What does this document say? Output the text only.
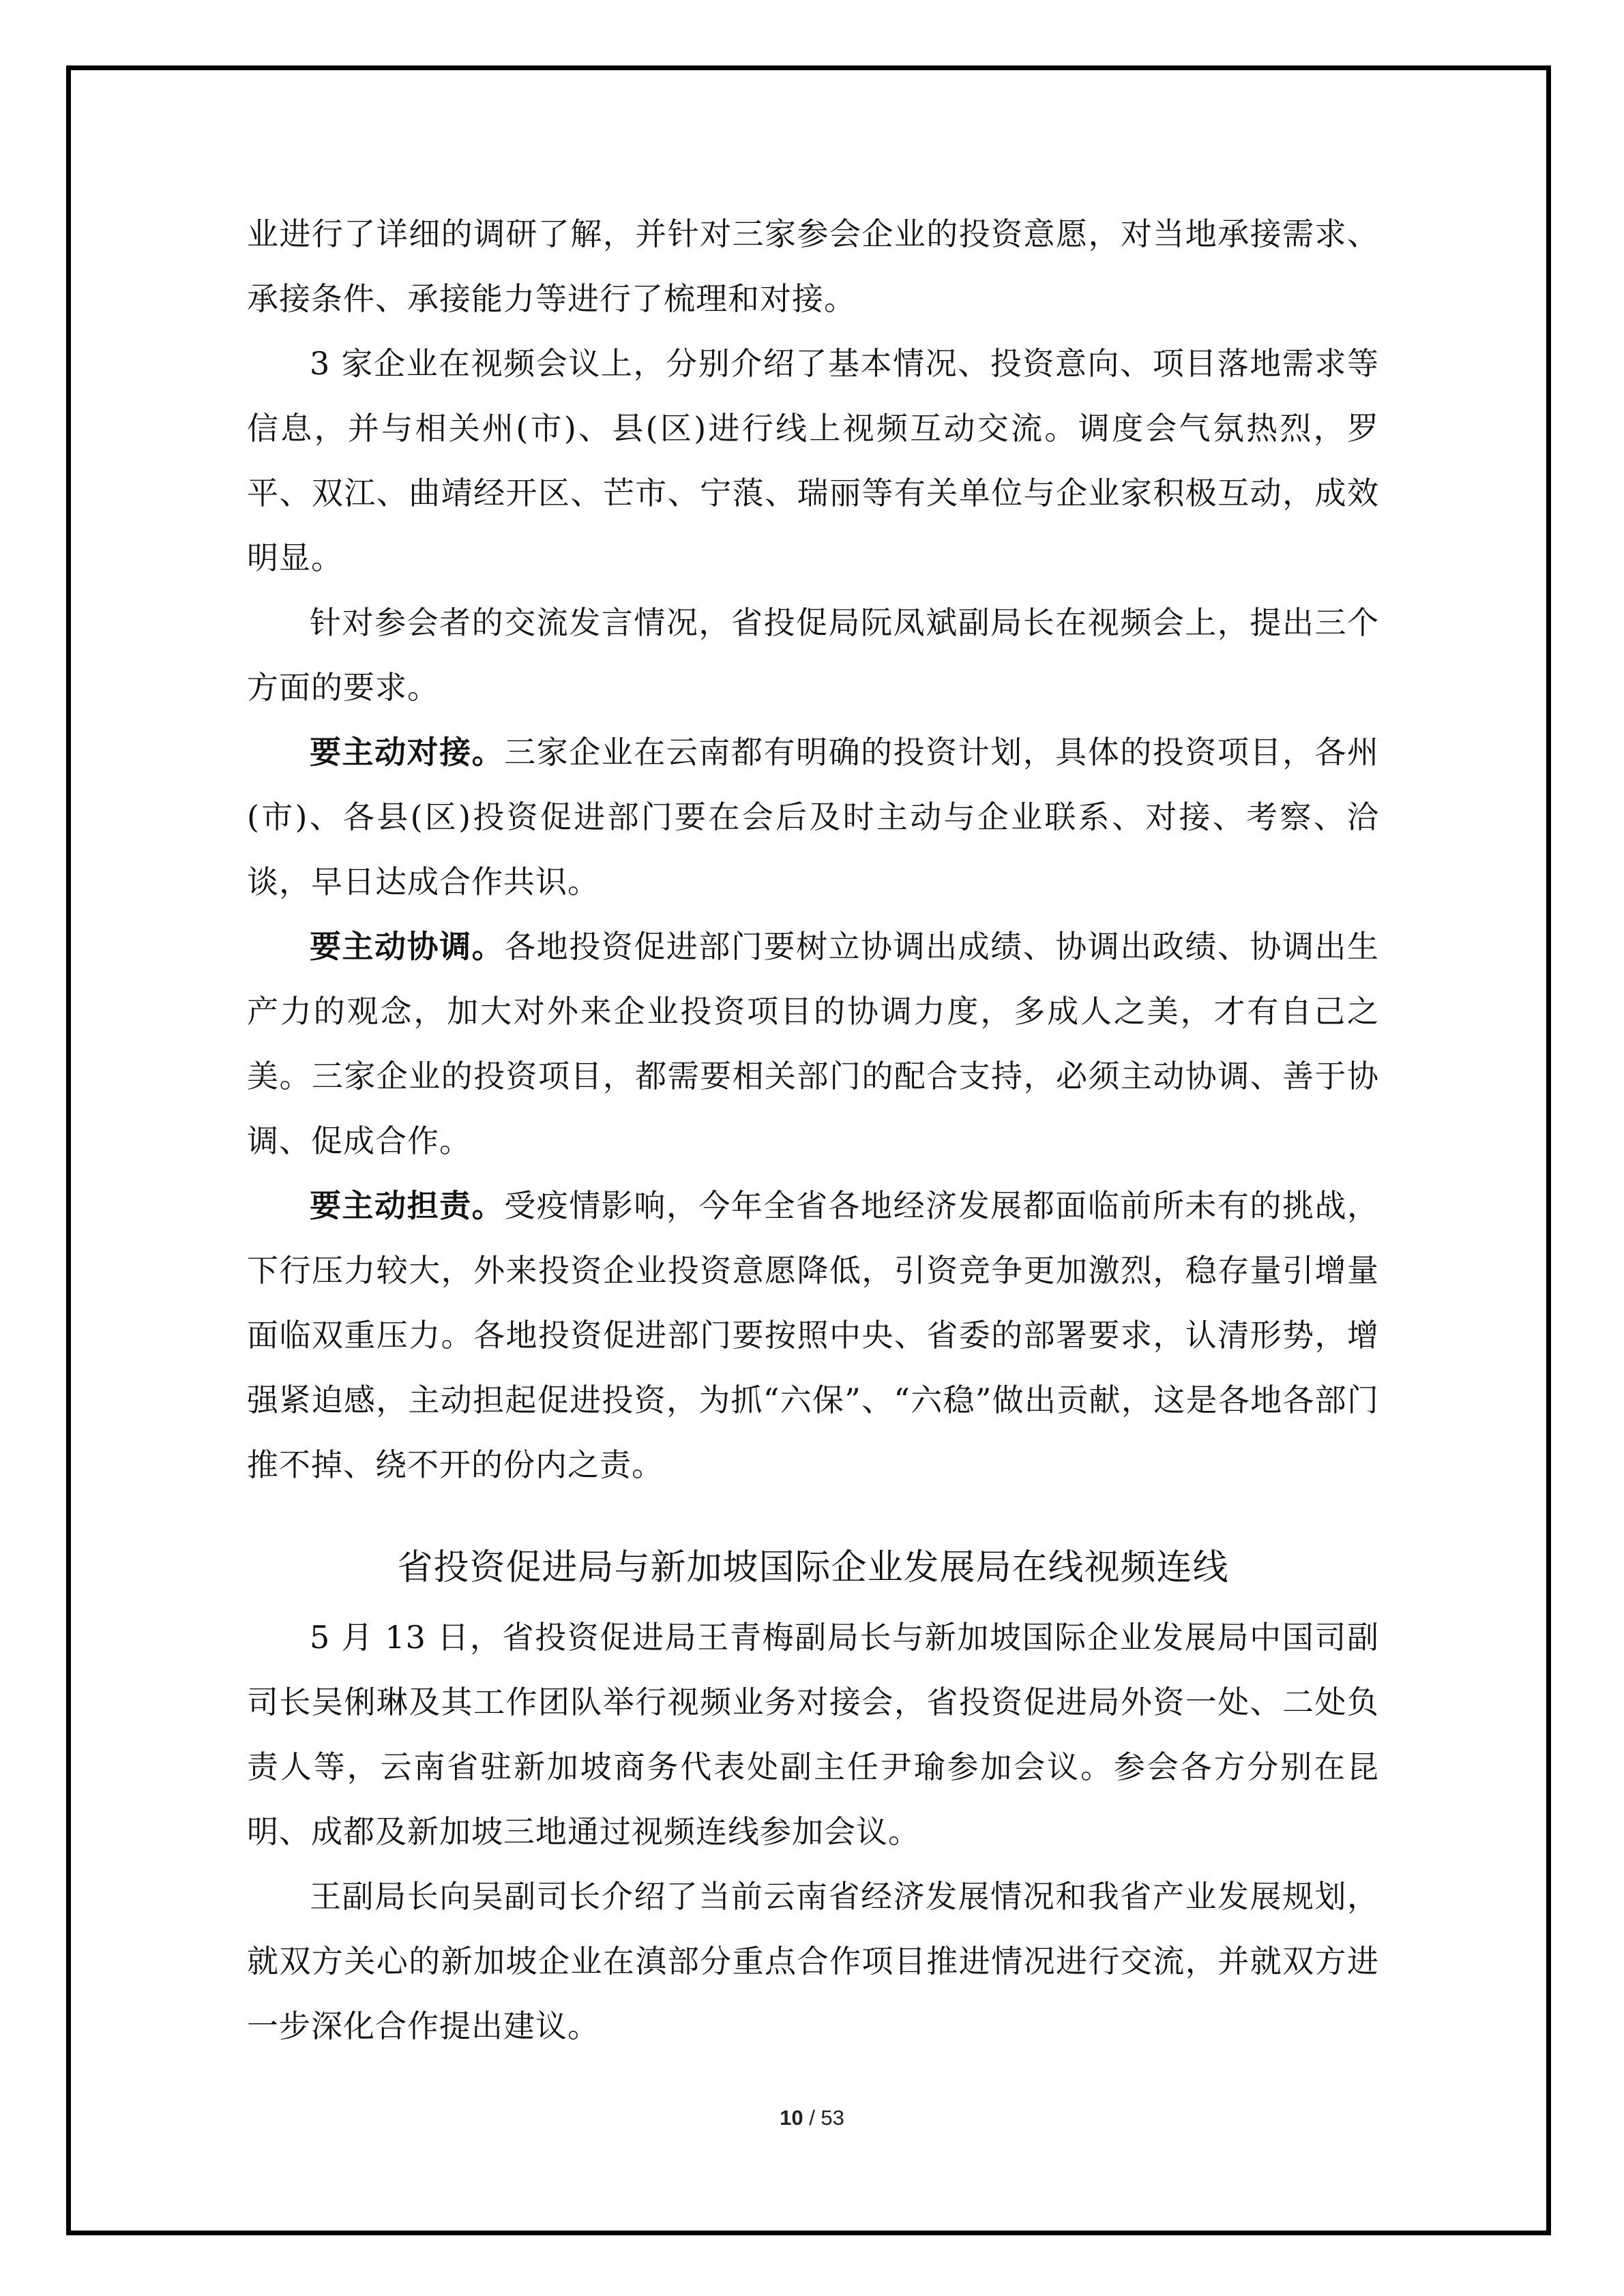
业进行了详细的调研了解，并针对三家参会企业的投资意愿，对当地承接需求、承接条件、承接能力等进行了梳理和对接。

3 家企业在视频会议上，分别介绍了基本情况、投资意向、项目落地需求等信息，并与相关州(市)、县(区)进行线上视频互动交流。调度会气氛热烈，罗平、双江、曲靖经开区、芒市、宁蒗、瑞丽等有关单位与企业家积极互动，成效明显。

针对参会者的交流发言情况，省投促局阮凤斌副局长在视频会上，提出三个方面的要求。

要主动对接。三家企业在云南都有明确的投资计划，具体的投资项目，各州(市)、各县(区)投资促进部门要在会后及时主动与企业联系、对接、考察、洽谈，早日达成合作共识。

要主动协调。各地投资促进部门要树立协调出成绩、协调出政绩、协调出生产力的观念，加大对外来企业投资项目的协调力度，多成人之美，才有自己之美。三家企业的投资项目，都需要相关部门的配合支持，必须主动协调、善于协调、促成合作。

要主动担责。受疫情影响，今年全省各地经济发展都面临前所未有的挑战，下行压力较大，外来投资企业投资意愿降低，引资竞争更加激烈，稳存量引增量面临双重压力。各地投资促进部门要按照中央、省委的部署要求，认清形势，增强紧迫感，主动担起促进投资，为抓“六保”、“六稳”做出贡献，这是各地各部门推不掉、绕不开的份内之责。

省投资促进局与新加坡国际企业发展局在线视频连线

5 月 13 日，省投资促进局王青梅副局长与新加坡国际企业发展局中国司副司长吴俐琳及其工作团队举行视频业务对接会，省投资促进局外资一处、二处负责人等，云南省驻新加坡商务代表处副主任尹瑜参加会议。参会各方分别在昆明、成都及新加坡三地通过视频连线参加会议。

王副局长向吴副司长介绍了当前云南省经济发展情况和我省产业发展规划，就双方关心的新加坡企业在滇部分重点合作项目推进情况进行交流，并就双方进一步深化合作提出建议。

10 / 53
